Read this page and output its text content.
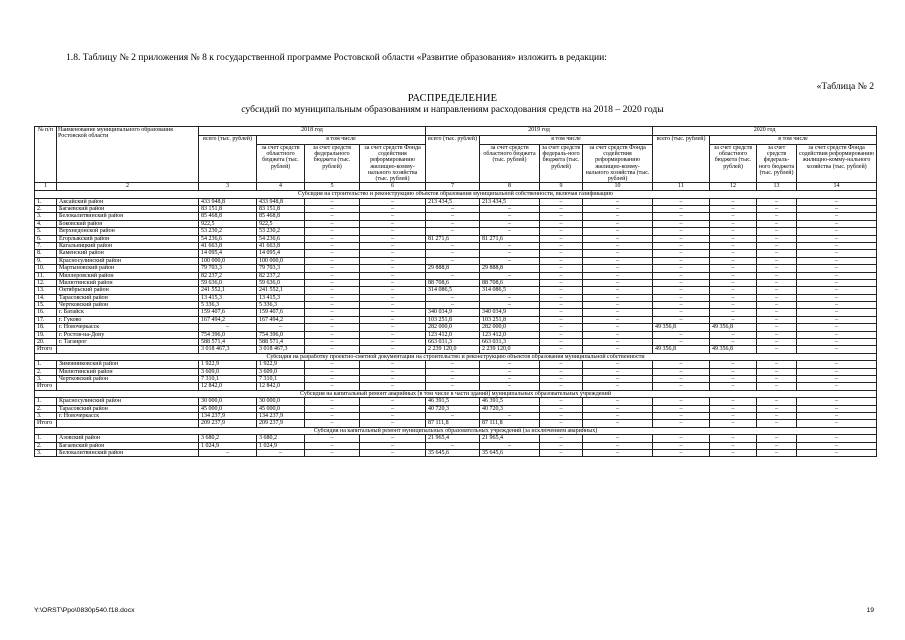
1.8. Таблицу № 2 приложения № 8 к государственной программе Ростовской области «Развитие образования» изложить в редакции:
«Таблица № 2
РАСПРЕДЕЛЕНИЕ
субсидий по муниципальным образованиям и направлениям расходования средств на 2018 – 2020 годы
№ п/п	Наименование муниципального образования Ростовской области	2018 год				2019 год				2020 год			
		всего (тыс. рублей)	в том числе			всего (тыс. рублей)	в том числе			всего (тыс. рублей)	в том числе		
			за счет средств областного бюджета (тыс. рублей)	за счет средств федерального бюджета (тыс. рублей)	за счет средств Фонда содействия реформированию жилищно-комму-нального хозяйства (тыс. рублей)		за счет средств областного бюджета (тыс. рублей)	за счет средств федераль-ного бюджета (тыс. рублей)	за счет средств Фонда содействия реформированию жилищно-комму-нального хозяйства (тыс. рублей)		за счет средств областного бюджета (тыс. рублей)	за счет средств федераль-ного бюджета (тыс. рублей)	за счет средств Фонда содействия реформированию жилищно-комму-нального хозяйства (тыс. рублей)
1	2	3	4	5	6	7	8	9	10	11	12	13	14
Субсидия на строительство и реконструкцию объектов образования муниципальной собственности, включая газификацию													
1.	Аксайский район	433 948,8	433 948,8	–	–	213 434,5	213 434,5	–	–	–	–	–	–
2.	Багаевский район	83 151,8	83 151,8	–	–	–	–	–	–	–	–	–	–
3.	Белокалитвинский район	85 468,8	85 468,8	–	–	–	–	–	–	–	–	–	–
4.	Боковский район	922,5	922,5	–	–	–	–	–	–	–	–	–	–
5.	Верхнедонской район	53 230,2	53 230,2	–	–	–	–	–	–	–	–	–	–
6.	Егорлыкский район	54 236,6	54 236,6	–	–	81 271,6	81 271,6	–	–	–	–	–	–
7.	Кагальницкий район	41 663,8	41 663,8	–	–	–	–	–	–	–	–	–	–
8.	Каменский район	14 095,4	14 095,4	–	–	–	–	–	–	–	–	–	–
9.	Красносулинский район	100 000,0	100 000,0	–	–	–	–	–	–	–	–	–	–
10.	Мартыновский район	79 703,3	79 703,3	–	–	29 888,8	29 888,8	–	–	–	–	–	–
11.	Миллеровский район	82 237,2	82 237,2	–	–	–	–	–	–	–	–	–	–
12.	Милютинский район	59 636,0	59 636,0	–	–	88 708,6	88 708,6	–	–	–	–	–	–
13.	Октябрьский район	241 552,1	241 552,1	–	–	314 086,5	314 086,5	–	–	–	–	–	–
14.	Тарасовский район	13 415,3	13 415,3	–	–	–	–	–	–	–	–	–	–
15.	Чертковский район	5 336,3	5 336,3	–	–	–	–	–	–	–	–	–	–
16.	г. Батайск	159 407,6	159 407,6	–	–	340 034,9	340 034,9	–	–	–	–	–	–
17.	г. Гуково	167 494,2	167 494,2	–	–	103 251,8	103 251,8	–	–	–	–	–	–
18.	г. Новочеркасск	–	–	–	–	282 000,0	282 000,0	–	–	49 356,8	49 356,8	–	–
19.	г. Ростов-на-Дону	754 396,0	754 396,0	–	–	123 412,0	123 412,0	–	–	–	–	–	–
20.	г. Таганрог	588 571,4	588 571,4	–	–	663 031,3	663 031,3	–	–	–	–	–	–
Итого		3 018 467,3	3 018 467,3	–	–	2 239 120,0	2 239 120,0	–	–	49 356,8	49 356,8	–	–
Субсидия на разработку проектно-сметной документации на строительство и реконструкцию объектов образования муниципальной собственности													
1.	Зимовниковский район	1 922,9	1 922,9	–	–	–	–	–	–	–	–	–	–
2.	Милютинский район	3 609,0	3 609,0	–	–	–	–	–	–	–	–	–	–
3.	Чертковский район	7 310,1	7 310,1	–	–	–	–	–	–	–	–	–	–
Итого		12 842,0	12 842,0	–	–	–	–	–	–	–	–	–	–
Субсидия на капитальный ремонт аварийных (в том числе в части зданий) муниципальных образовательных учреждений													
1.	Красносулинский район	30 000,0	30 000,0	–	–	46 391,5	46 391,5	–	–	–	–	–	–
2.	Тарасовский район	45 000,0	45 000,0	–	–	40 720,3	40 720,3	–	–	–	–	–	–
3.	г. Новочеркасск	134 237,9	134 237,9	–	–	–	–	–	–	–	–	–	–
Итого		209 237,9	209 237,9	–	–	87 111,8	87 111,8	–	–	–	–	–	–
Субсидия на капитальный ремонт муниципальных образовательных учреждений (за исключением аварийных)													
1.	Азовский район	3 680,2	3 680,2	–	–	21 965,4	21 965,4	–	–	–	–	–	–
2.	Багаевский район	1 024,9	1 024,9	–	–	–	–	–	–	–	–	–	–
3.	Белокалитвинский район	–	–	–	–	35 645,6	35 645,6	–	–	–	–	–	–
Y:\ORST\Ppo\0830p540.f18.docx	19
